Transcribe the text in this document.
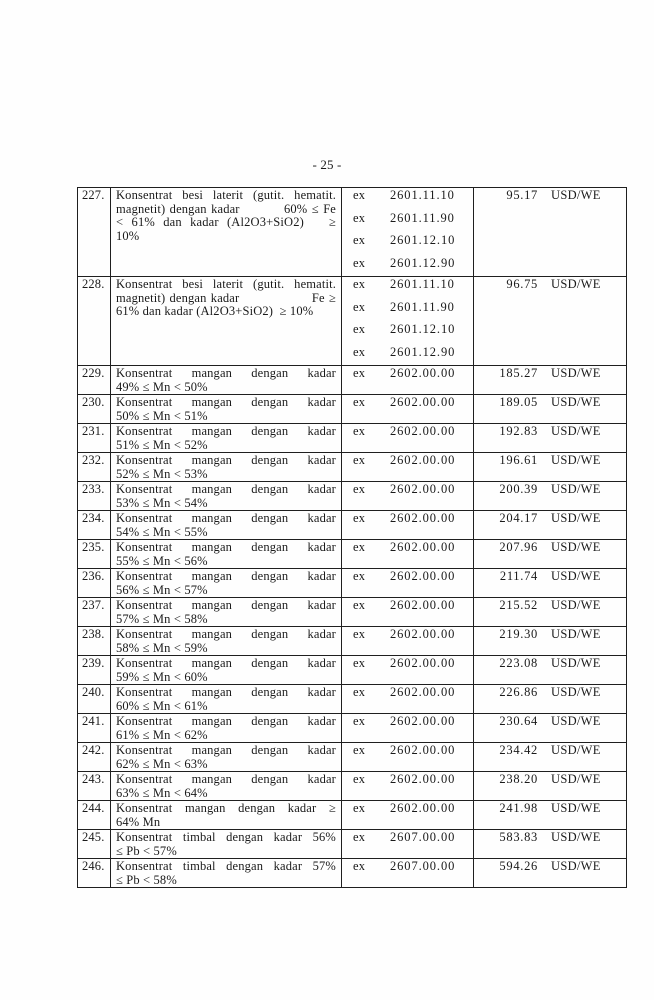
- 25 -
227.	Konsentrat besi laterit (gutit. hematit.
magnetit) dengan kadar          60% ≤ Fe
< 61% dan kadar (Al2O3+SiO2)   ≥
10%

ex	2601.11.10
ex	2601.11.90
ex	2601.12.10
ex	2601.12.90
	95.17 USD/WE
228.	Konsentrat besi laterit (gutit. hematit.
magnetit) dengan kadar                 Fe ≥
61% dan kadar (Al2O3+SiO2)  ≥ 10%

ex	2601.11.10
ex	2601.11.90
ex	2601.12.10
ex	2601.12.90
	96.75 USD/WE
229.	Konsentrat mangan dengan kadar
49% ≤ Mn < 50%

ex	2602.00.00	185.27 USD/WE
230.	Konsentrat mangan dengan kadar
50% ≤ Mn < 51%

ex	2602.00.00	189.05 USD/WE
231.	Konsentrat mangan dengan kadar
51% ≤ Mn < 52%

ex	2602.00.00	192.83 USD/WE
232.	Konsentrat mangan dengan kadar
52% ≤ Mn < 53%

ex	2602.00.00	196.61 USD/WE
233.	Konsentrat mangan dengan kadar
53% ≤ Mn < 54%

ex	2602.00.00	200.39 USD/WE
234.	Konsentrat mangan dengan kadar
54% ≤ Mn < 55%

ex	2602.00.00	204.17 USD/WE
235.	Konsentrat mangan dengan kadar
55% ≤ Mn < 56%

ex	2602.00.00	207.96 USD/WE
236.	Konsentrat mangan dengan kadar
56% ≤ Mn < 57%

ex	2602.00.00	211.74 USD/WE
237.	Konsentrat mangan dengan kadar
57% ≤ Mn < 58%

ex	2602.00.00	215.52 USD/WE
238.	Konsentrat mangan dengan kadar
58% ≤ Mn < 59%

ex	2602.00.00	219.30 USD/WE
239.	Konsentrat mangan dengan kadar
59% ≤ Mn < 60%

ex	2602.00.00	223.08 USD/WE
240.	Konsentrat mangan dengan kadar
60% ≤ Mn < 61%

ex	2602.00.00	226.86 USD/WE
241.	Konsentrat mangan dengan kadar
61% ≤ Mn < 62%

ex	2602.00.00	230.64 USD/WE
242.	Konsentrat mangan dengan kadar
62% ≤ Mn < 63%

ex	2602.00.00	234.42 USD/WE
243.	Konsentrat mangan dengan kadar
63% ≤ Mn < 64%

ex	2602.00.00	238.20 USD/WE
244.	Konsentrat mangan dengan kadar ≥
64% Mn

ex	2602.00.00	241.98 USD/WE
245.	Konsentrat timbal dengan kadar 56%
≤ Pb < 57%

ex	2607.00.00	583.83 USD/WE
246.	Konsentrat timbal dengan kadar 57%
≤ Pb < 58%

ex	2607.00.00	594.26 USD/WE
